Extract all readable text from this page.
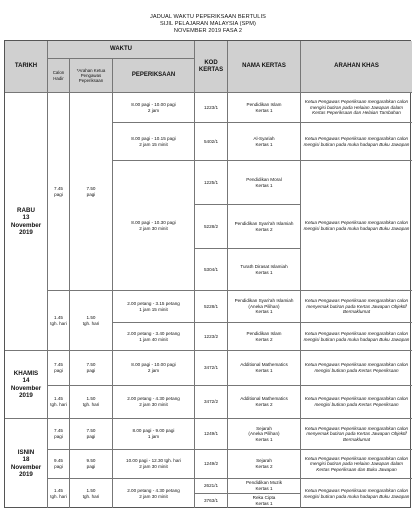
JADUAL WAKTU PEPERIKSAAN BERTULIS
SIJIL PELAJARAN MALAYSIA (SPM)
NOVEMBER 2019 FASA 2
TARIKH
WAKTU
Calon Hadir
*Arahan Ketua Pengawas Peperiksaan
PEPERIKSAAN
KOD KERTAS
NAMA KERTAS	ARAHAN KHAS
RABU
13
November
2019
KHAMIS
14
November
2019
ISNIN
18
November
2019
7.45
pagi
7.50
pagi
1.45
tgh. hari
1.50
tgh. hari
7.45
pagi
7.50
pagi
1.45
tgh. hari
1.50
tgh. hari
7.45
pagi
7.50
pagi
9.45
pagi
9.50
pagi
1.45
tgh. hari
1.50
tgh. hari
8.00 pagi - 10.00 pagi
2 jam
8.00 pagi - 10.15 pagi
2 jam 15 minit
8.00 pagi - 10.30 pagi
2 jam 30 minit
2.00 petang - 3.15 petang
1 jam 15 minit
2.00 petang - 3.40 petang
1 jam 40 minit
8.00 pagi - 10.00 pagi
2 jam
2.00 petang - 4.30 petang
2 jam 30 minit
8.00 pagi - 9.00 pagi
1 jam
10.00 pagi - 12.30 tgh. hari
2 jam 30 minit
2.00 petang - 4.30 petang
2 jam 30 minit
1223/1
5402/1
1225/1
5228/2
5304/1
5228/1
1223/2
3472/1
3472/2
1249/1
1249/2
2621/1
3763/1
Pendidikan Islam
Kertas 1
Al-Syariah
Kertas 1
Pendidikan Moral
Kertas 1
Pendidikan Syari'ah Islamiah
Kertas 2
Turath Dirasat Islamiah
Kertas 1
Pendidikan Syari'ah Islamiah
(Aneka Pilihan)
Kertas 1
Pendidikan Islam
Kertas 2
Additional Mathematics
Kertas 1
Additional Mathematics
Kertas 2
Sejarah
(Aneka Pilihan)
Kertas 1
Sejarah
Kertas 2
Pendidikan Muzik
Kertas 1
Reka Cipta
Kertas 1
Ketua Pengawas Peperiksaan mengarahkan calon mengisi butiran pada Helaian Jawapan dalam Kertas Peperiksaan dan Helaian Tambahan
Ketua Pengawas Peperiksaan mengarahkan calon mengisi butiran pada muka hadapan Buku Jawapan
Ketua Pengawas Peperiksaan mengarahkan calon mengisi butiran pada muka hadapan Buku Jawapan
Ketua Pengawas Peperiksaan mengarahkan calon menyemak butiran pada Kertas Jawapan Objektif Bermaklumat
Ketua Pengawas Peperiksaan mengarahkan calon mengisi butiran pada muka hadapan Buku Jawapan
Ketua Pengawas Peperiksaan mengarahkan calon mengisi butiran pada Kertas Peperiksaan
Ketua Pengawas Peperiksaan mengarahkan calon mengisi butiran pada Kertas Peperiksaan
Ketua Pengawas Peperiksaan mengarahkan calon menyemak butiran pada Kertas Jawapan Objektif Bermaklumat
Ketua Pengawas Peperiksaan mengarahkan calon mengisi butiran pada Helaian Jawapan dalam Kertas Peperiksaan dan Buku Jawapan
Ketua Pengawas Peperiksaan mengarahkan calon mengisi butiran pada muka hadapan Buku Jawapan
